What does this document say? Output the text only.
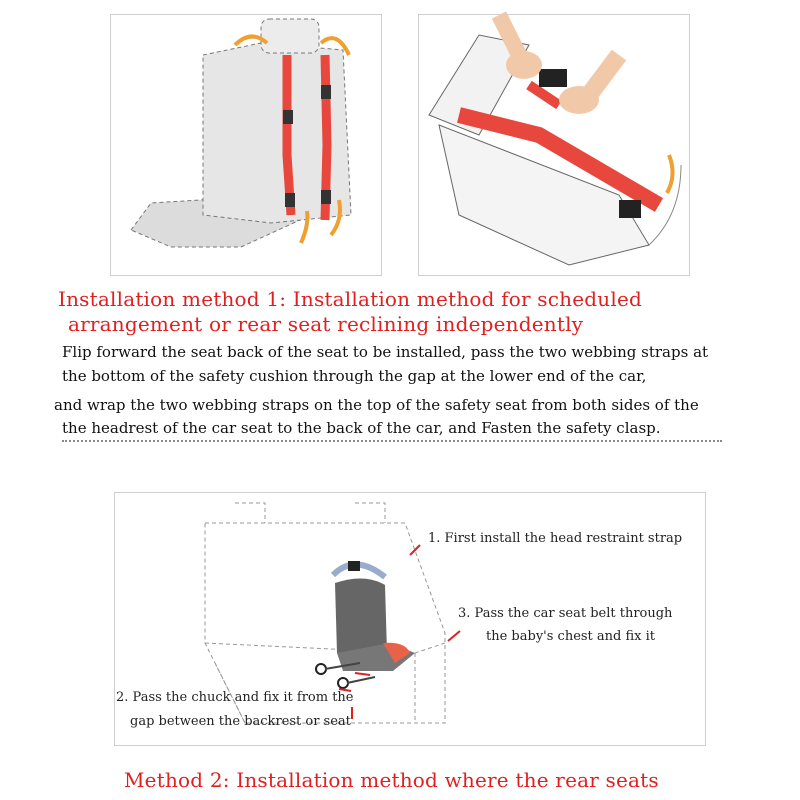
Installation method 1: Installation method for scheduled
arrangement or rear seat reclining independently
Flip forward the seat back of the seat to be installed, pass the two webbing straps at
the bottom of the safety cushion through the gap at the lower end of the car,
and wrap the two webbing straps on the top of the safety seat from both sides of the
the headrest of the car seat to the back of the car, and Fasten the safety clasp.
1. First install the head restraint strap
3. Pass the car seat belt through
the baby's chest and fix it
2. Pass the chuck and fix it from the
gap between the backrest or seat
Method 2: Installation method where the rear seats
